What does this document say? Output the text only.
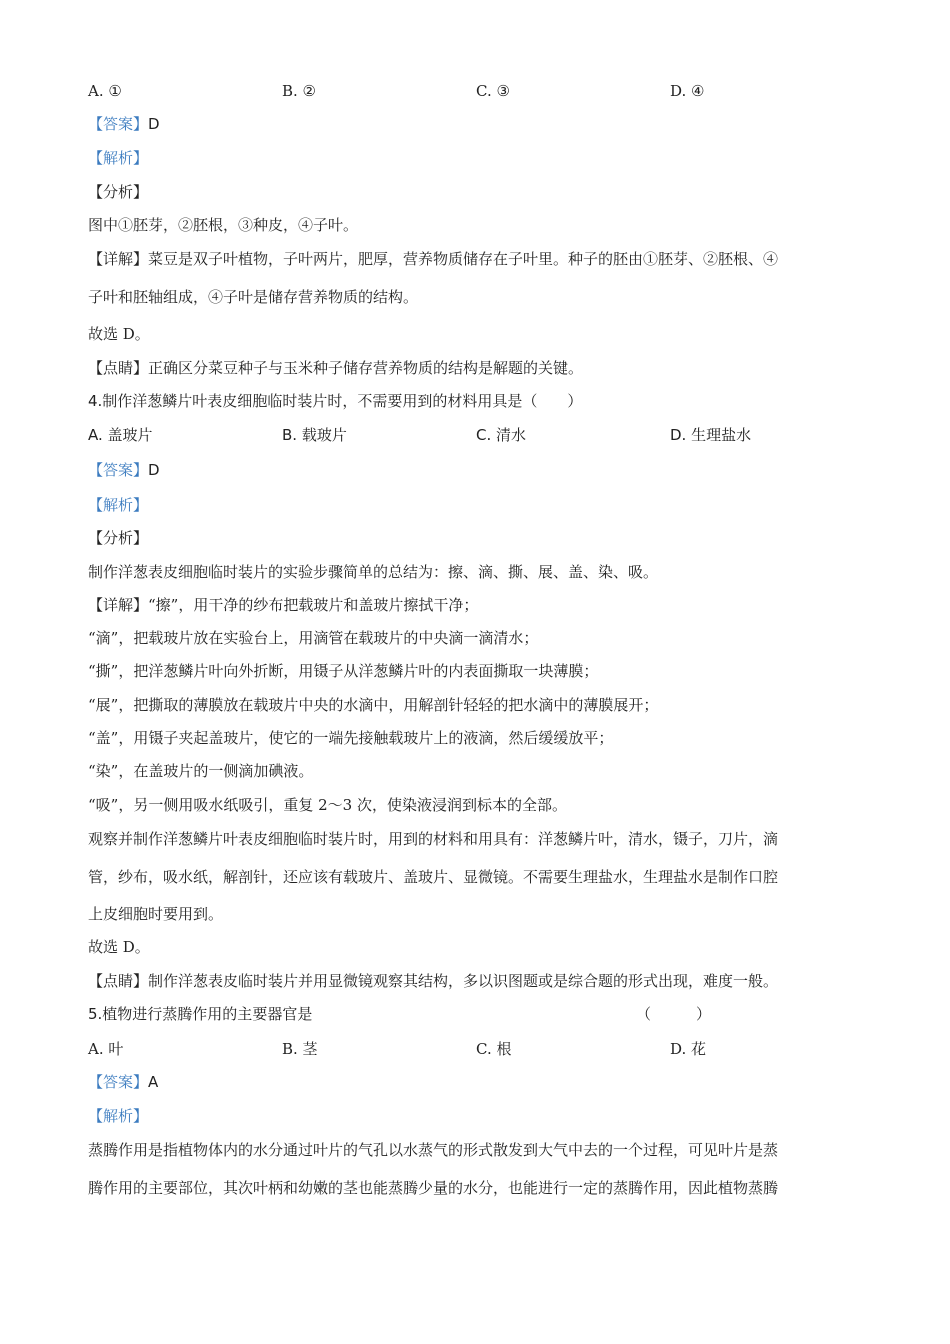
A. ①	B. ②	C. ③	D. ④
【答案】D
【解析】
【分析】
图中①胚芽，②胚根，③种皮，④子叶。
【详解】菜豆是双子叶植物，子叶两片，肥厚，营养物质储存在子叶里。种子的胚由①胚芽、②胚根、④
子叶和胚轴组成，④子叶是储存营养物质的结构。
故选 D。
【点睛】正确区分菜豆种子与玉米种子储存营养物质的结构是解题的关键。
4.制作洋葱鳞片叶表皮细胞临时装片时，不需要用到的材料用具是（　　）
A. 盖玻片	B. 载玻片	C. 清水	D. 生理盐水
【答案】D
【解析】
【分析】
制作洋葱表皮细胞临时装片的实验步骤简单的总结为：擦、滴、撕、展、盖、染、吸。
【详解】“擦”，用干净的纱布把载玻片和盖玻片擦拭干净；
“滴”，把载玻片放在实验台上，用滴管在载玻片的中央滴一滴清水；
“撕”，把洋葱鳞片叶向外折断，用镊子从洋葱鳞片叶的内表面撕取一块薄膜；
“展”，把撕取的薄膜放在载玻片中央的水滴中，用解剖针轻轻的把水滴中的薄膜展开；
“盖”，用镊子夹起盖玻片，使它的一端先接触载玻片上的液滴，然后缓缓放平；
“染”，在盖玻片的一侧滴加碘液。
“吸”，另一侧用吸水纸吸引，重复 2～3 次，使染液浸润到标本的全部。
观察并制作洋葱鳞片叶表皮细胞临时装片时，用到的材料和用具有：洋葱鳞片叶，清水，镊子，刀片，滴
管，纱布，吸水纸，解剖针，还应该有载玻片、盖玻片、显微镜。不需要生理盐水，生理盐水是制作口腔
上皮细胞时要用到。
故选 D。
【点睛】制作洋葱表皮临时装片并用显微镜观察其结构，多以识图题或是综合题的形式出现，难度一般。
5.植物进行蒸腾作用的主要器官是	（　　　）
A. 叶	B. 茎	C. 根	D. 花
【答案】A
【解析】
蒸腾作用是指植物体内的水分通过叶片的气孔以水蒸气的形式散发到大气中去的一个过程，可见叶片是蒸
腾作用的主要部位，其次叶柄和幼嫩的茎也能蒸腾少量的水分，也能进行一定的蒸腾作用，因此植物蒸腾
